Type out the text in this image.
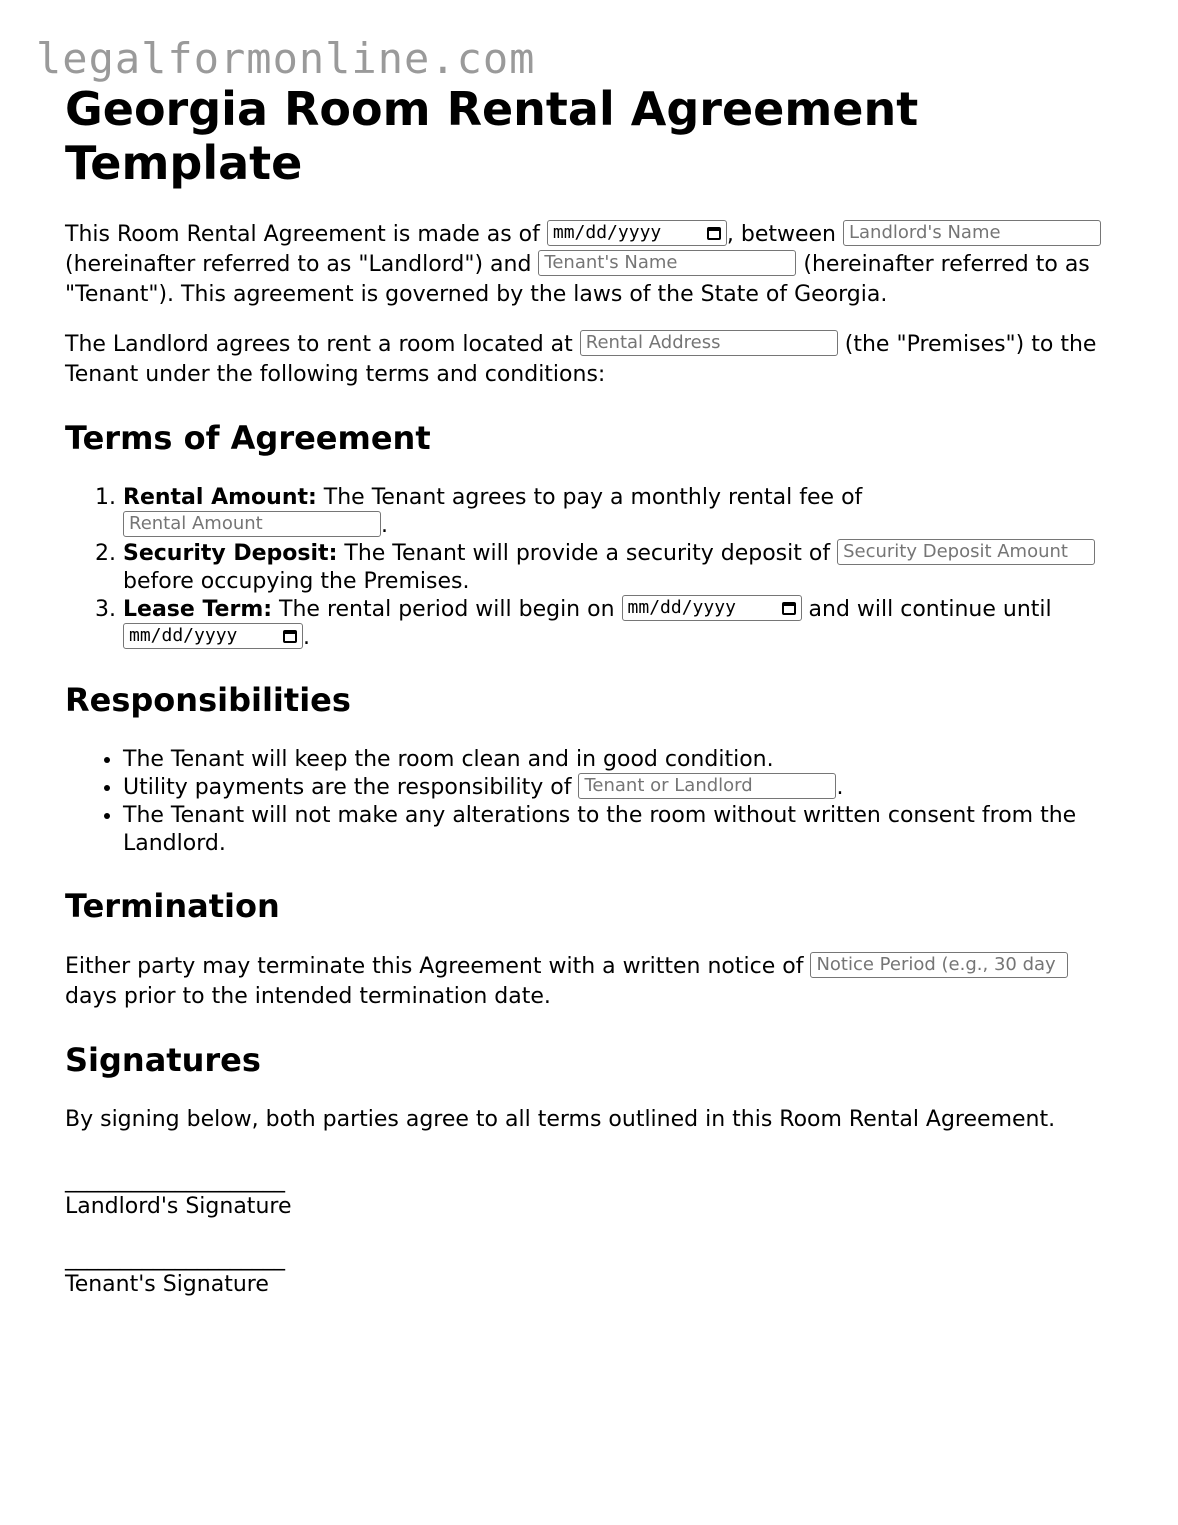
legalformonline.com
Georgia Room Rental Agreement Template

This Room Rental Agreement is made as of mm/dd/yyyy	, between Landlord's Name (hereinafter referred to as "Landlord") and Tenant's Name	(hereinafter referred to as "Tenant"). This agreement is governed by the laws of the State of Georgia.

The Landlord agrees to rent a room located at Rental Address	(the "Premises") to the Tenant under the following terms and conditions:

Terms of Agreement
1. Rental Amount: The Tenant agrees to pay a monthly rental fee of Rental Amount	.
2. Security Deposit: The Tenant will provide a security deposit of Security Deposit Amount before occupying the Premises.
3. Lease Term: The rental period will begin on mm/dd/yyyy	and will continue until
mm/dd/yyyy	.
Responsibilities
• The Tenant will keep the room clean and in good condition.
• Utility payments are the responsibility of Tenant or Landlord	.
• The Tenant will not make any alterations to the room without written consent from the Landlord.
Termination

Either party may terminate this Agreement with a written notice of Notice Period (e.g., 30 day days prior to the intended termination date.

Signatures

By signing below, both parties agree to all terms outlined in this Room Rental Agreement.

____________________
Landlord's Signature
____________________
Tenant's Signature
